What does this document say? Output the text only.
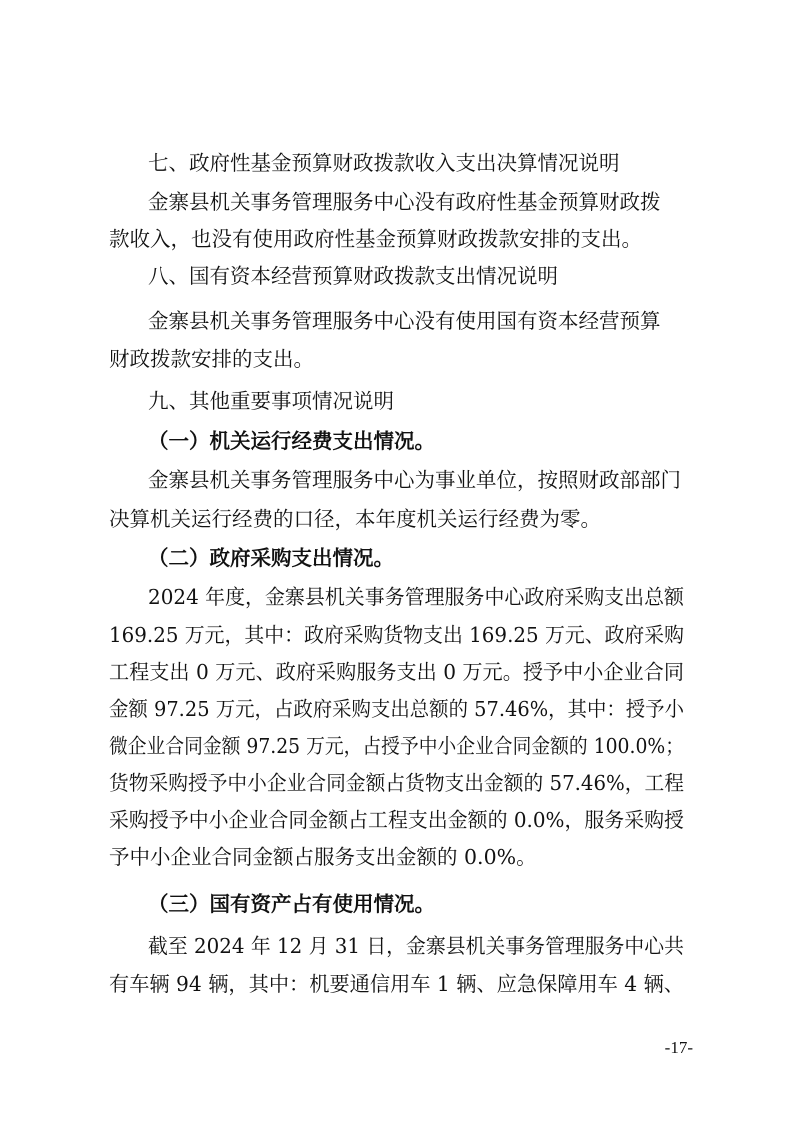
七、政府性基金预算财政拨款收入支出决算情况说明
金寨县机关事务管理服务中心没有政府性基金预算财政拨
款收入，也没有使用政府性基金预算财政拨款安排的支出。
八、国有资本经营预算财政拨款支出情况说明
金寨县机关事务管理服务中心没有使用国有资本经营预算
财政拨款安排的支出。
九、其他重要事项情况说明
（一）机关运行经费支出情况。
金寨县机关事务管理服务中心为事业单位，按照财政部部门
决算机关运行经费的口径，本年度机关运行经费为零。
（二）政府采购支出情况。
2024 年度，金寨县机关事务管理服务中心政府采购支出总额
169.25 万元，其中：政府采购货物支出 169.25 万元、政府采购
工程支出 0 万元、政府采购服务支出 0 万元。授予中小企业合同
金额 97.25 万元，占政府采购支出总额的 57.46%，其中：授予小
微企业合同金额 97.25 万元，占授予中小企业合同金额的 100.0%；
货物采购授予中小企业合同金额占货物支出金额的 57.46%，工程
采购授予中小企业合同金额占工程支出金额的 0.0%，服务采购授
予中小企业合同金额占服务支出金额的 0.0%。
（三）国有资产占有使用情况。
截至 2024 年 12 月 31 日，金寨县机关事务管理服务中心共
有车辆 94 辆，其中：机要通信用车 1 辆、应急保障用车 4 辆、
-17-
